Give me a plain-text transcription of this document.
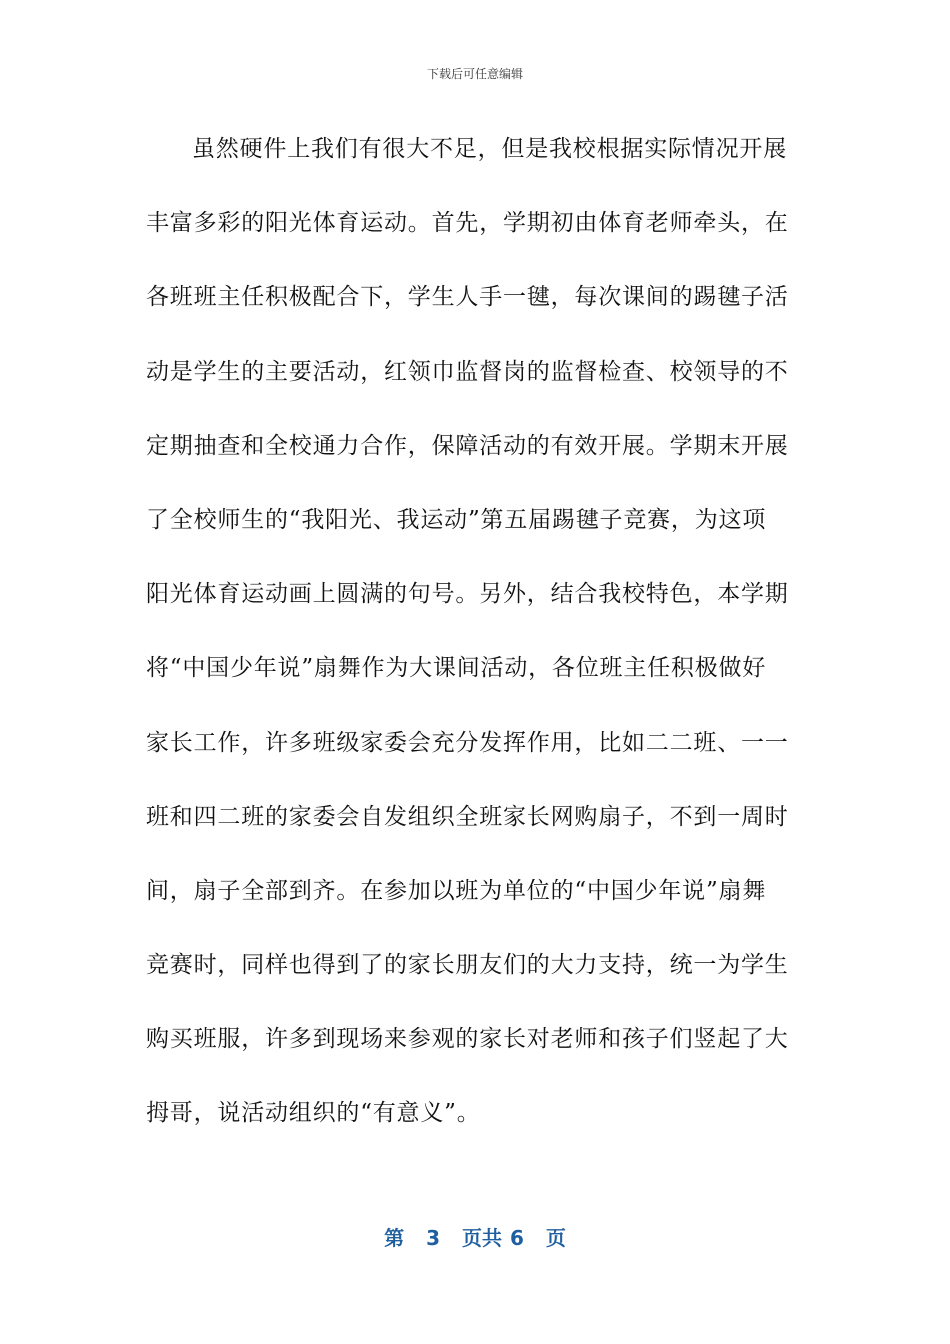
下载后可任意编辑
虽然硬件上我们有很大不足，但是我校根据实际情况开展
丰富多彩的阳光体育运动。首先，学期初由体育老师牵头，在
各班班主任积极配合下，学生人手一毽，每次课间的踢毽子活
动是学生的主要活动，红领巾监督岗的监督检查、校领导的不
定期抽查和全校通力合作，保障活动的有效开展。学期末开展
了全校师生的“我阳光、我运动”第五届踢毽子竞赛，为这项
阳光体育运动画上圆满的句号。另外，结合我校特色，本学期
将“中国少年说”扇舞作为大课间活动，各位班主任积极做好
家长工作，许多班级家委会充分发挥作用，比如二二班、一一
班和四二班的家委会自发组织全班家长网购扇子，不到一周时
间，扇子全部到齐。在参加以班为单位的“中国少年说”扇舞
竞赛时，同样也得到了的家长朋友们的大力支持，统一为学生
购买班服，许多到现场来参观的家长对老师和孩子们竖起了大
拇哥，说活动组织的“有意义”。
第 3 页共 6 页
